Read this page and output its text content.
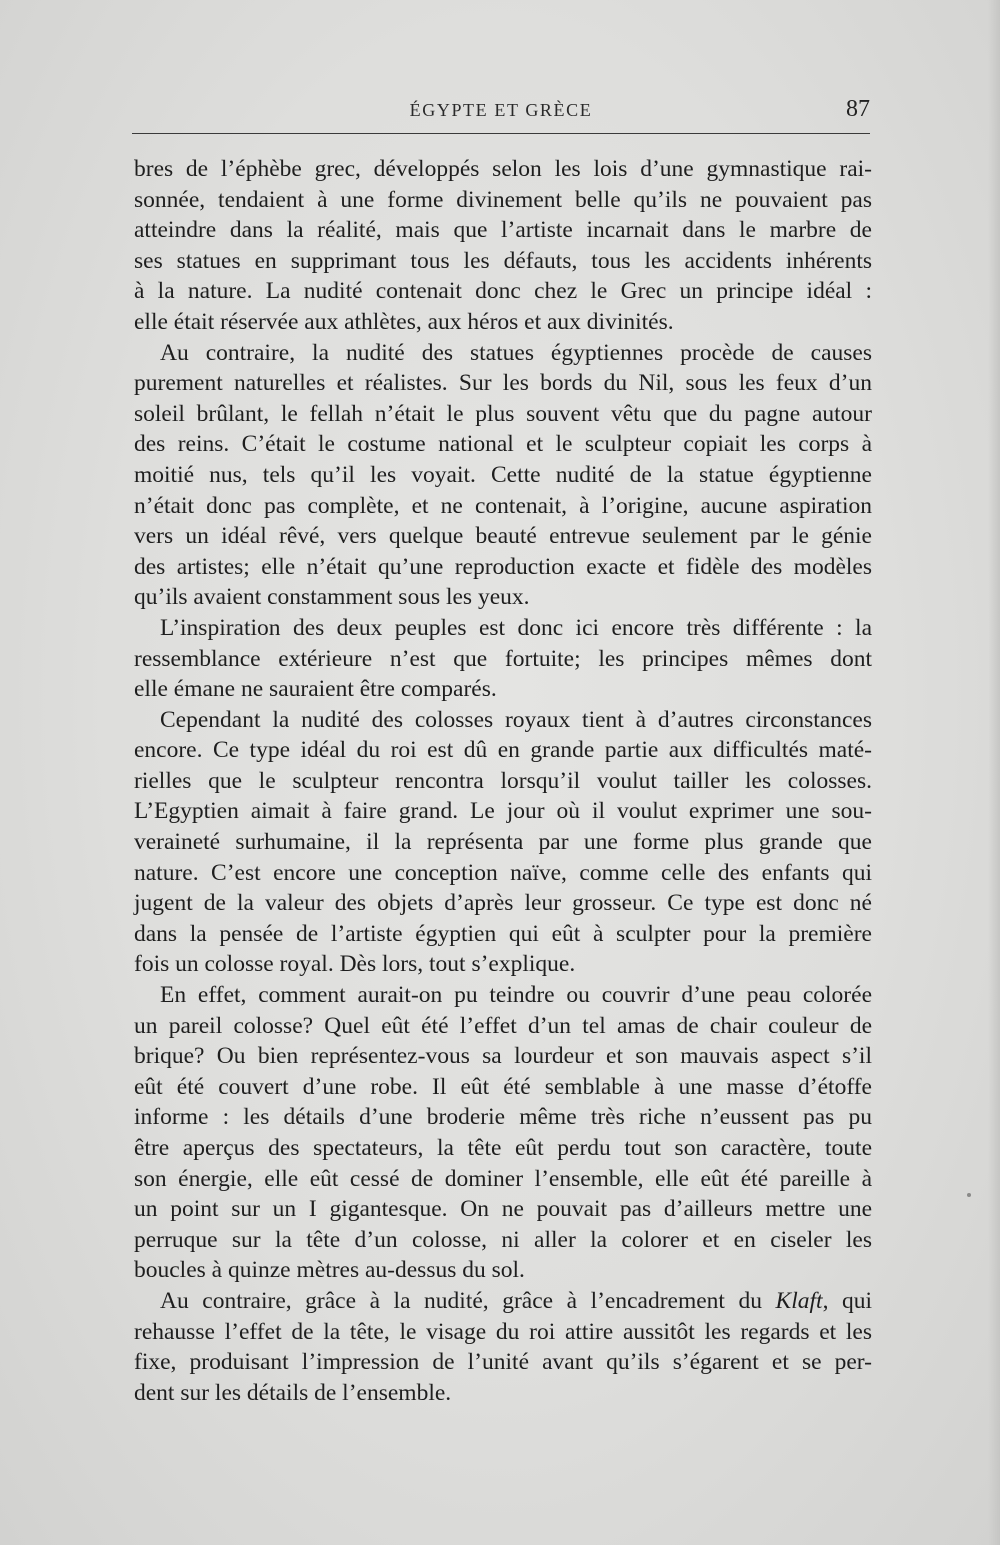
ÉGYPTE ET GRÈCE	87
bres de l’éphèbe grec, développés selon les lois d’une gymnastique rai-
sonnée, tendaient à une forme divinement belle qu’ils ne pouvaient pas
atteindre dans la réalité, mais que l’artiste incarnait dans le marbre de
ses statues en supprimant tous les défauts, tous les accidents inhérents
à la nature. La nudité contenait donc chez le Grec un principe idéal :
elle était réservée aux athlètes, aux héros et aux divinités.
Au contraire, la nudité des statues égyptiennes procède de causes
purement naturelles et réalistes. Sur les bords du Nil, sous les feux d’un
soleil brûlant, le fellah n’était le plus souvent vêtu que du pagne autour
des reins. C’était le costume national et le sculpteur copiait les corps à
moitié nus, tels qu’il les voyait. Cette nudité de la statue égyptienne
n’était donc pas complète, et ne contenait, à l’origine, aucune aspiration
vers un idéal rêvé, vers quelque beauté entrevue seulement par le génie
des artistes; elle n’était qu’une reproduction exacte et fidèle des modèles
qu’ils avaient constamment sous les yeux.
L’inspiration des deux peuples est donc ici encore très différente : la
ressemblance extérieure n’est que fortuite; les principes mêmes dont
elle émane ne sauraient être comparés.
Cependant la nudité des colosses royaux tient à d’autres circonstances
encore. Ce type idéal du roi est dû en grande partie aux difficultés maté-
rielles que le sculpteur rencontra lorsqu’il voulut tailler les colosses.
L’Egyptien aimait à faire grand. Le jour où il voulut exprimer une sou-
veraineté surhumaine, il la représenta par une forme plus grande que
nature. C’est encore une conception naïve, comme celle des enfants qui
jugent de la valeur des objets d’après leur grosseur. Ce type est donc né
dans la pensée de l’artiste égyptien qui eût à sculpter pour la première
fois un colosse royal. Dès lors, tout s’explique.
En effet, comment aurait-on pu teindre ou couvrir d’une peau colorée
un pareil colosse? Quel eût été l’effet d’un tel amas de chair couleur de
brique? Ou bien représentez-vous sa lourdeur et son mauvais aspect s’il
eût été couvert d’une robe. Il eût été semblable à une masse d’étoffe
informe : les détails d’une broderie même très riche n’eussent pas pu
être aperçus des spectateurs, la tête eût perdu tout son caractère, toute
son énergie, elle eût cessé de dominer l’ensemble, elle eût été pareille à
un point sur un I gigantesque. On ne pouvait pas d’ailleurs mettre une
perruque sur la tête d’un colosse, ni aller la colorer et en ciseler les
boucles à quinze mètres au-dessus du sol.
Au contraire, grâce à la nudité, grâce à l’encadrement du Klaft, qui
rehausse l’effet de la tête, le visage du roi attire aussitôt les regards et les
fixe, produisant l’impression de l’unité avant qu’ils s’égarent et se per-
dent sur les détails de l’ensemble.
